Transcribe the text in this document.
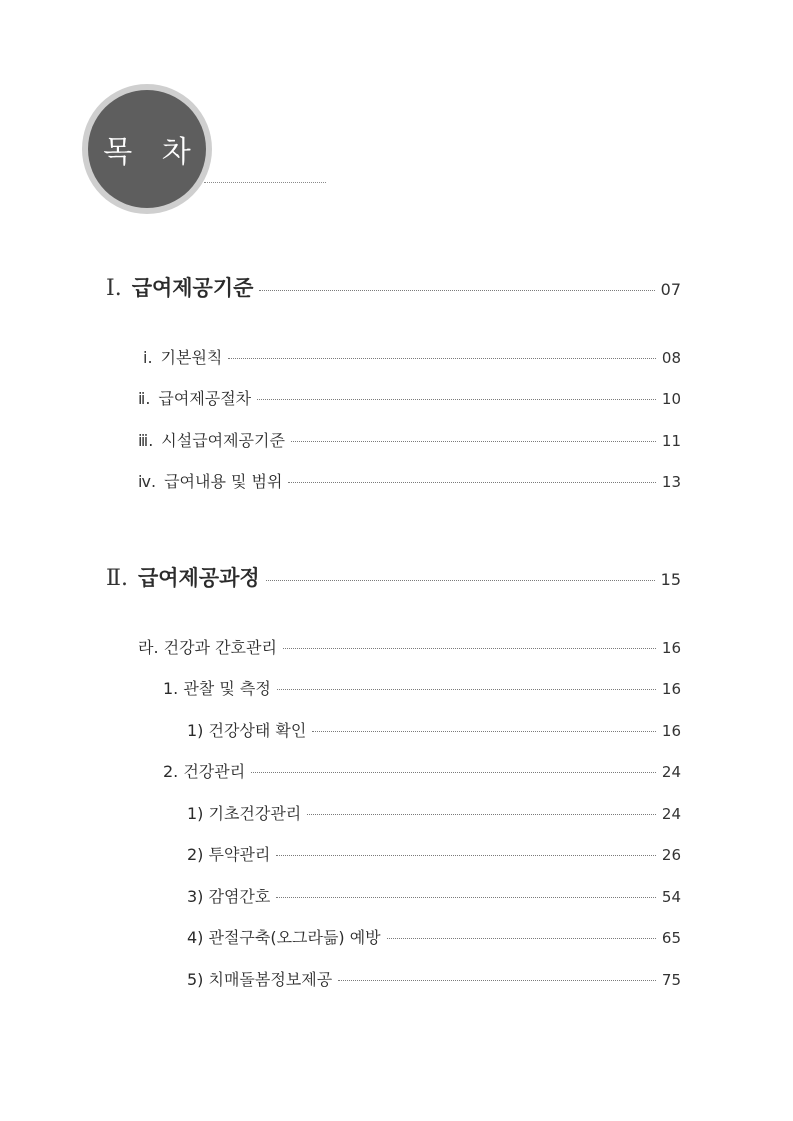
목 차
Ⅰ. 급여제공기준	07
ⅰ. 기본원칙	08
ⅱ. 급여제공절차	10
ⅲ. 시설급여제공기준	11
ⅳ. 급여내용 및 범위	13
Ⅱ. 급여제공과정	15
라. 건강과 간호관리	16
1. 관찰 및 측정	16
1) 건강상태 확인	16
2. 건강관리	24
1) 기초건강관리	24
2) 투약관리	26
3) 감염간호	54
4) 관절구축(오그라듦) 예방	65
5) 치매돌봄정보제공	75
